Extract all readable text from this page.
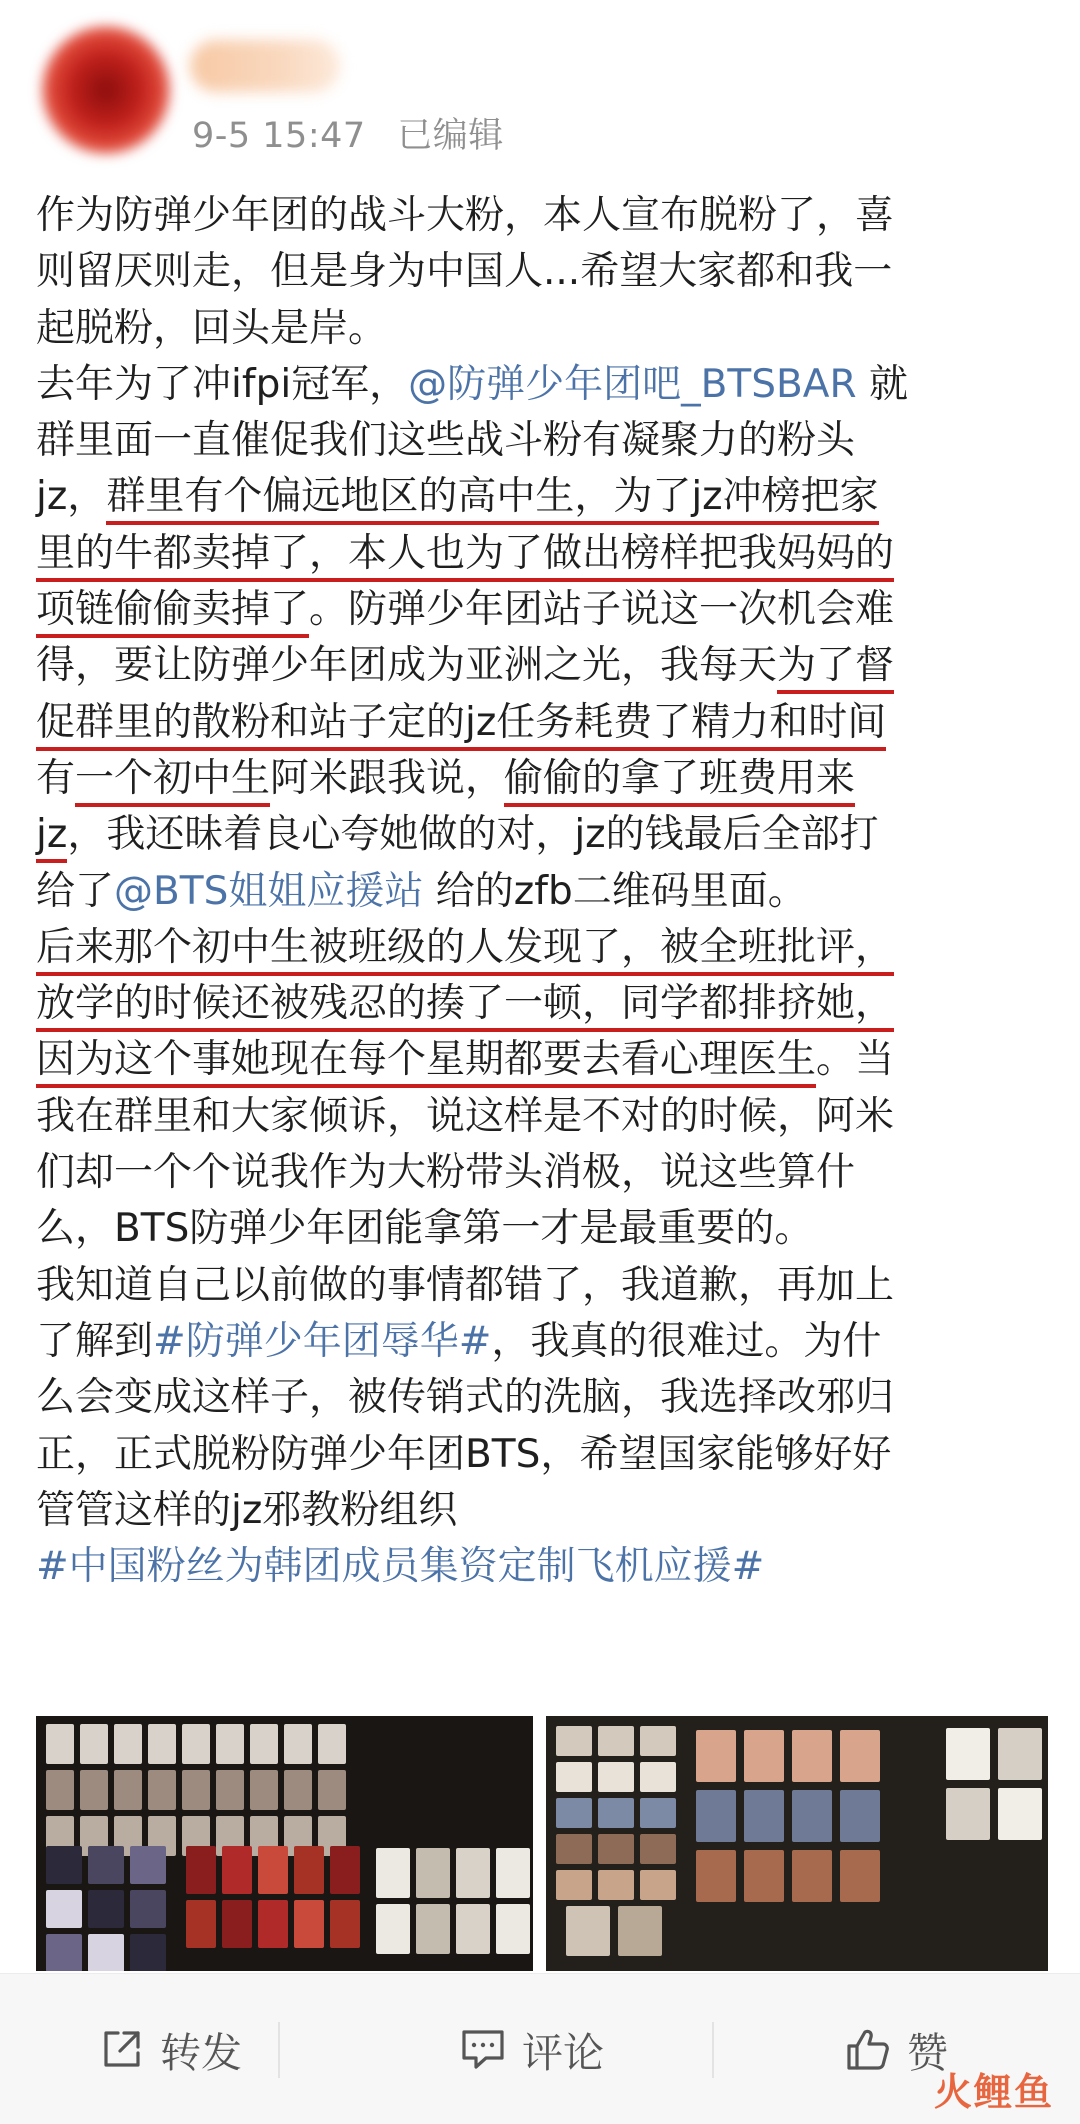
9-5 15:47 已编辑
作为防弹少年团的战斗大粉，本人宣布脱粉了，喜
则留厌则走，但是身为中国人...希望大家都和我一
起脱粉，回头是岸。
去年为了冲ifpi冠军，@防弹少年团吧_BTSBAR 就
群里面一直催促我们这些战斗粉有凝聚力的粉头
jz，群里有个偏远地区的高中生，为了jz冲榜把家
里的牛都卖掉了，本人也为了做出榜样把我妈妈的
项链偷偷卖掉了。防弹少年团站子说这一次机会难
得，要让防弹少年团成为亚洲之光，我每天为了督
促群里的散粉和站子定的jz任务耗费了精力和时间
有一个初中生阿米跟我说，偷偷的拿了班费用来
jz，我还昧着良心夸她做的对，jz的钱最后全部打
给了@BTS姐姐应援站 给的zfb二维码里面。
后来那个初中生被班级的人发现了，被全班批评，
放学的时候还被残忍的揍了一顿，同学都排挤她，
因为这个事她现在每个星期都要去看心理医生。当
我在群里和大家倾诉，说这样是不对的时候，阿米
们却一个个说我作为大粉带头消极，说这些算什
么，BTS防弹少年团能拿第一才是最重要的。
我知道自己以前做的事情都错了，我道歉，再加上
了解到#防弹少年团辱华#，我真的很难过。为什
么会变成这样子，被传销式的洗脑，我选择改邪归
正，正式脱粉防弹少年团BTS，希望国家能够好好
管管这样的jz邪教粉组织
#中国粉丝为韩团成员集资定制飞机应援#
转发	评论	赞
火鲤鱼
